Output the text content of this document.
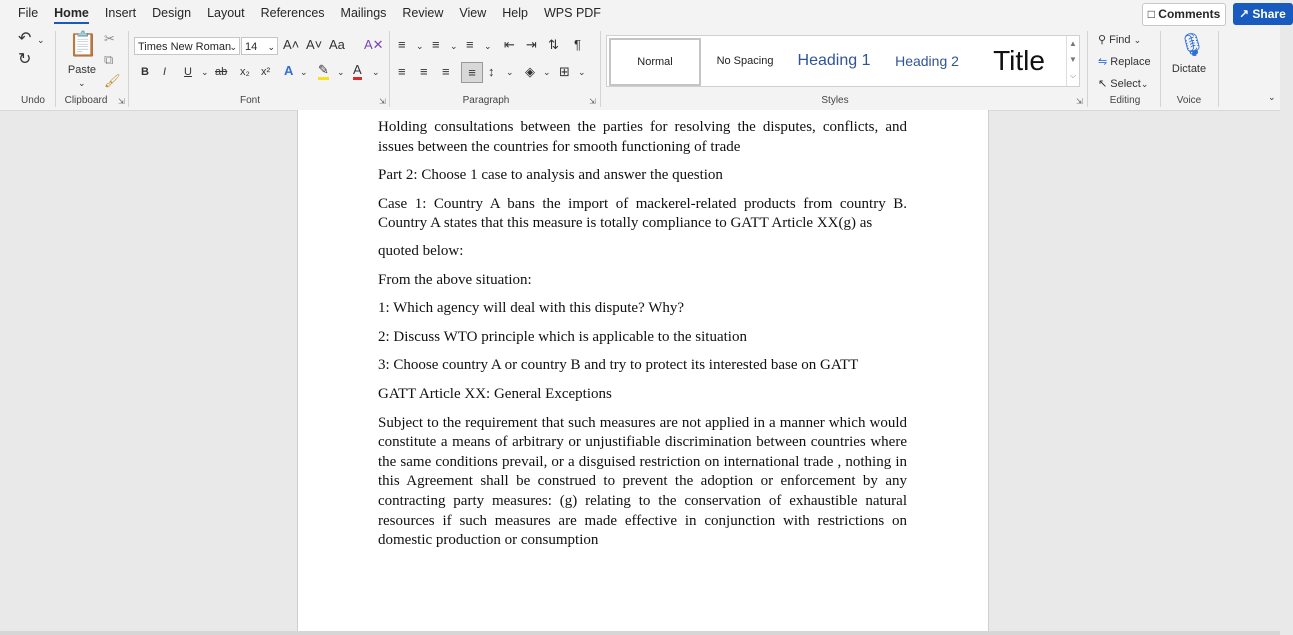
File	Home	Insert	Design	Layout	References	Mailings	Review	View	Help	WPS PDF	□ Comments	↗ Share
↶ ⌄
↻
Undo
📋
Paste
⌄
✂
⧉
🖌
Clipboard	⇲
Times New Roman
⌄ 14 ⌄ A˄ A˅ Aa A✕
B I U ⌄ ab x₂ x² A ⌄ ✎ ⌄ A ⌄
Font	⇲
≡ ⌄ ≡ ⌄ ≡ ⌄ ⇤ ⇥ ⇅ ¶
≡ ≡ ≡	≡ ↕ ⌄ ◈ ⌄ ⊞ ⌄
Paragraph	⇲
Normal	No Spacing	Heading 1	Heading 2	Title
▲
▼
⌵
Styles	⇲
⚲ Find ⌄
⇋ Replace
↖ Select⌄
Editing
🎙
Dictate
Voice	⌄

Holding consultations between the parties for resolving the disputes, conflicts, and issues between the countries for smooth functioning of trade

Part 2: Choose 1 case to analysis and answer the question

Case 1: Country A bans the import of mackerel-related products from country B. Country A states that this measure is totally compliance to GATT Article XX(g) as

quoted below:

From the above situation:

1: Which agency will deal with this dispute? Why?

2: Discuss WTO principle which is applicable to the situation

3: Choose country A or country B and try to protect its interested base on GATT

GATT Article XX: General Exceptions

Subject to the requirement that such measures are not applied in a manner which would constitute a means of arbitrary or unjustifiable discrimination between countries where the same conditions prevail, or a disguised restriction on international trade , nothing in this Agreement shall be construed to prevent the adoption or enforcement by any contracting party measures: (g) relating to the conservation of exhaustible natural resources if such measures are made effective in conjunction with restrictions on domestic production or consumption
